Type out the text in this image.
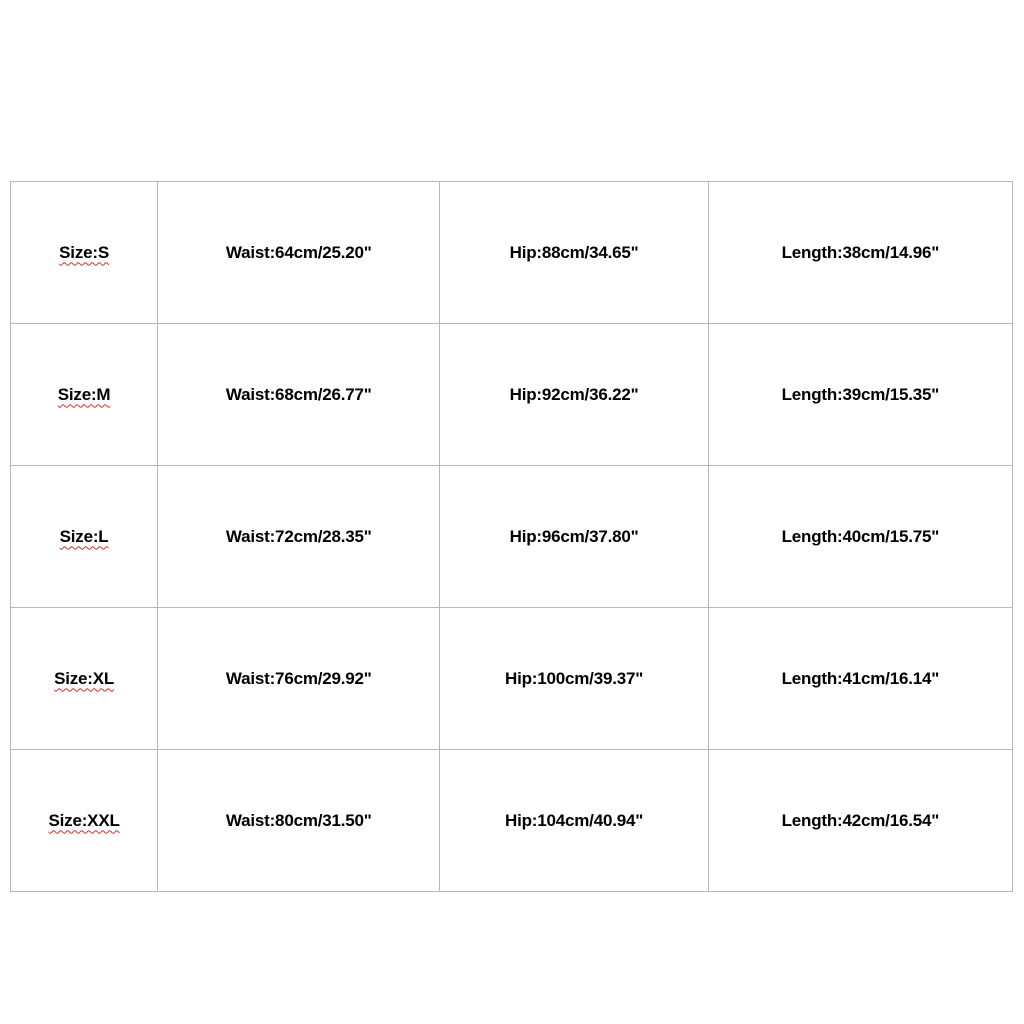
Size:S	Waist:64cm/25.20"	Hip:88cm/34.65"	Length:38cm/14.96"
Size:M	Waist:68cm/26.77"	Hip:92cm/36.22"	Length:39cm/15.35"
Size:L	Waist:72cm/28.35"	Hip:96cm/37.80"	Length:40cm/15.75"
Size:XL	Waist:76cm/29.92"	Hip:100cm/39.37"	Length:41cm/16.14"
Size:XXL	Waist:80cm/31.50"	Hip:104cm/40.94"	Length:42cm/16.54"
